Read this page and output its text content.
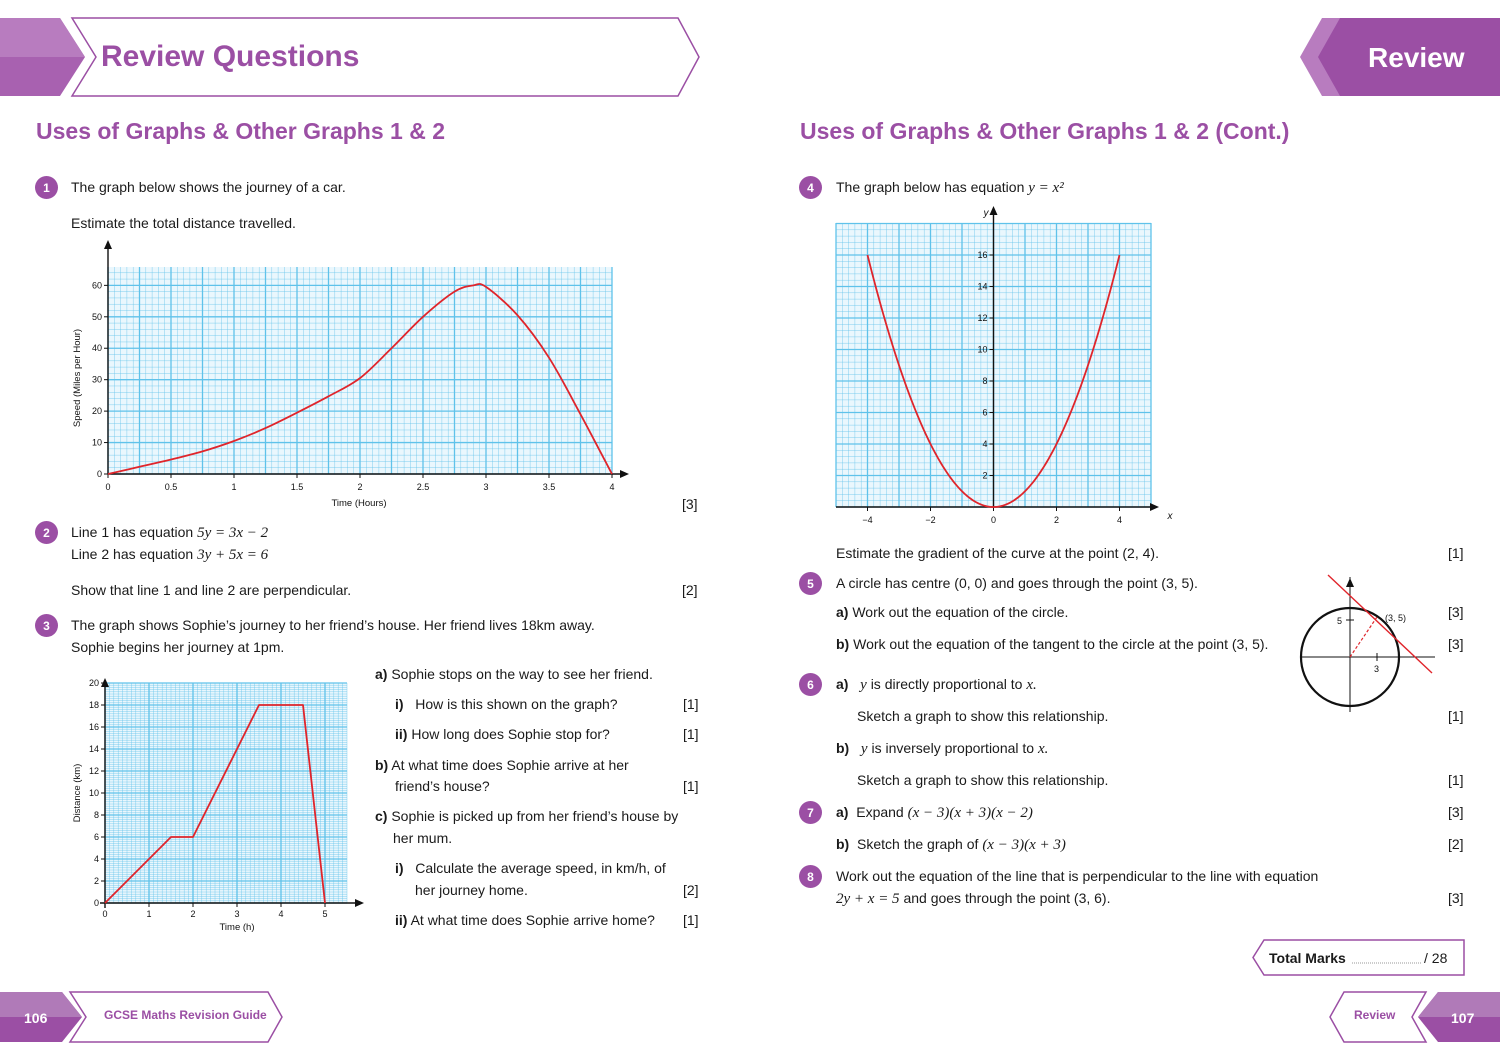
Review Questions	Review
Uses of Graphs & Other Graphs 1 & 2
1	The graph below shows the journey of a car.
Estimate the total distance travelled.
0	0.5	1	1.5	2	2.5	3	3.5	4
0
10
20
30
40
50
60
Time (Hours)
Speed (Miles per Hour)
[3]
2	Line 1 has equation 5y = 3x − 2
Line 2 has equation 3y + 5x = 6
Show that line 1 and line 2 are perpendicular.	[2]
3	The graph shows Sophie’s journey to her friend’s house. Her friend lives 18km away.
Sophie begins her journey at 1pm.
0	1	2	3	4	5
0
2
4
6
8
10
12
14
16
18
20
Time (h)
Distance (km)
a) Sophie stops on the way to see her friend.
i) How is this shown on the graph?	[1]
ii) How long does Sophie stop for?	[1]
b) At what time does Sophie arrive at her
friend’s house?	[1]
c) Sophie is picked up from her friend’s house by
her mum.
i) Calculate the average speed, in km/h, of
her journey home.	[2]
ii) At what time does Sophie arrive home? [1]
Uses of Graphs & Other Graphs 1 & 2 (Cont.)
4	The graph below has equation y = x²
−4	−2	0	2	4
2
4
6
8
10
12
14
16
x
y
Estimate the gradient of the curve at the point (2, 4).	[1]
5	A circle has centre (0, 0) and goes through the point (3, 5).
a) Work out the equation of the circle.	[3]
b) Work out the equation of the tangent to the circle at the point (3, 5).	[3]
5
3
(3, 5)
6	a) y is directly proportional to x.
Sketch a graph to show this relationship.	[1]
b) y is inversely proportional to x.
Sketch a graph to show this relationship.	[1]
7	a) Expand (x − 3)(x + 3)(x − 2)	[3]
b) Sketch the graph of (x − 3)(x + 3)	[2]
8	Work out the equation of the line that is perpendicular to the line with equation
2y + x = 5 and goes through the point (3, 6).	[3]
Total Marks	/ 28
106	GCSE Maths Revision Guide	Review	107
